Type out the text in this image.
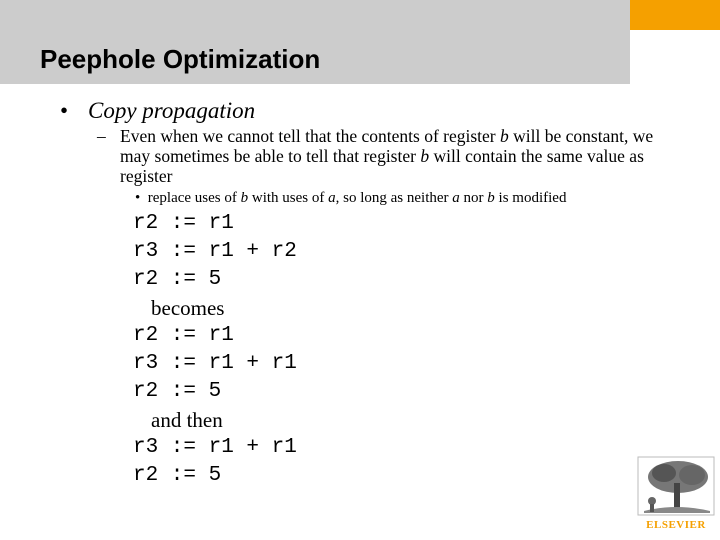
Peephole Optimization
• Copy propagation
– Even when we cannot tell that the contents of register b will be constant, we may sometimes be able to tell that register b will contain the same value as register
• replace uses of b with uses of a, so long as neither a nor b is modified
r2 := r1
r3 := r1 + r2
r2 := 5
becomes
r2 := r1
r3 := r1 + r1
r2 := 5
and then
r3 := r1 + r1
r2 := 5
ELSEVIER
